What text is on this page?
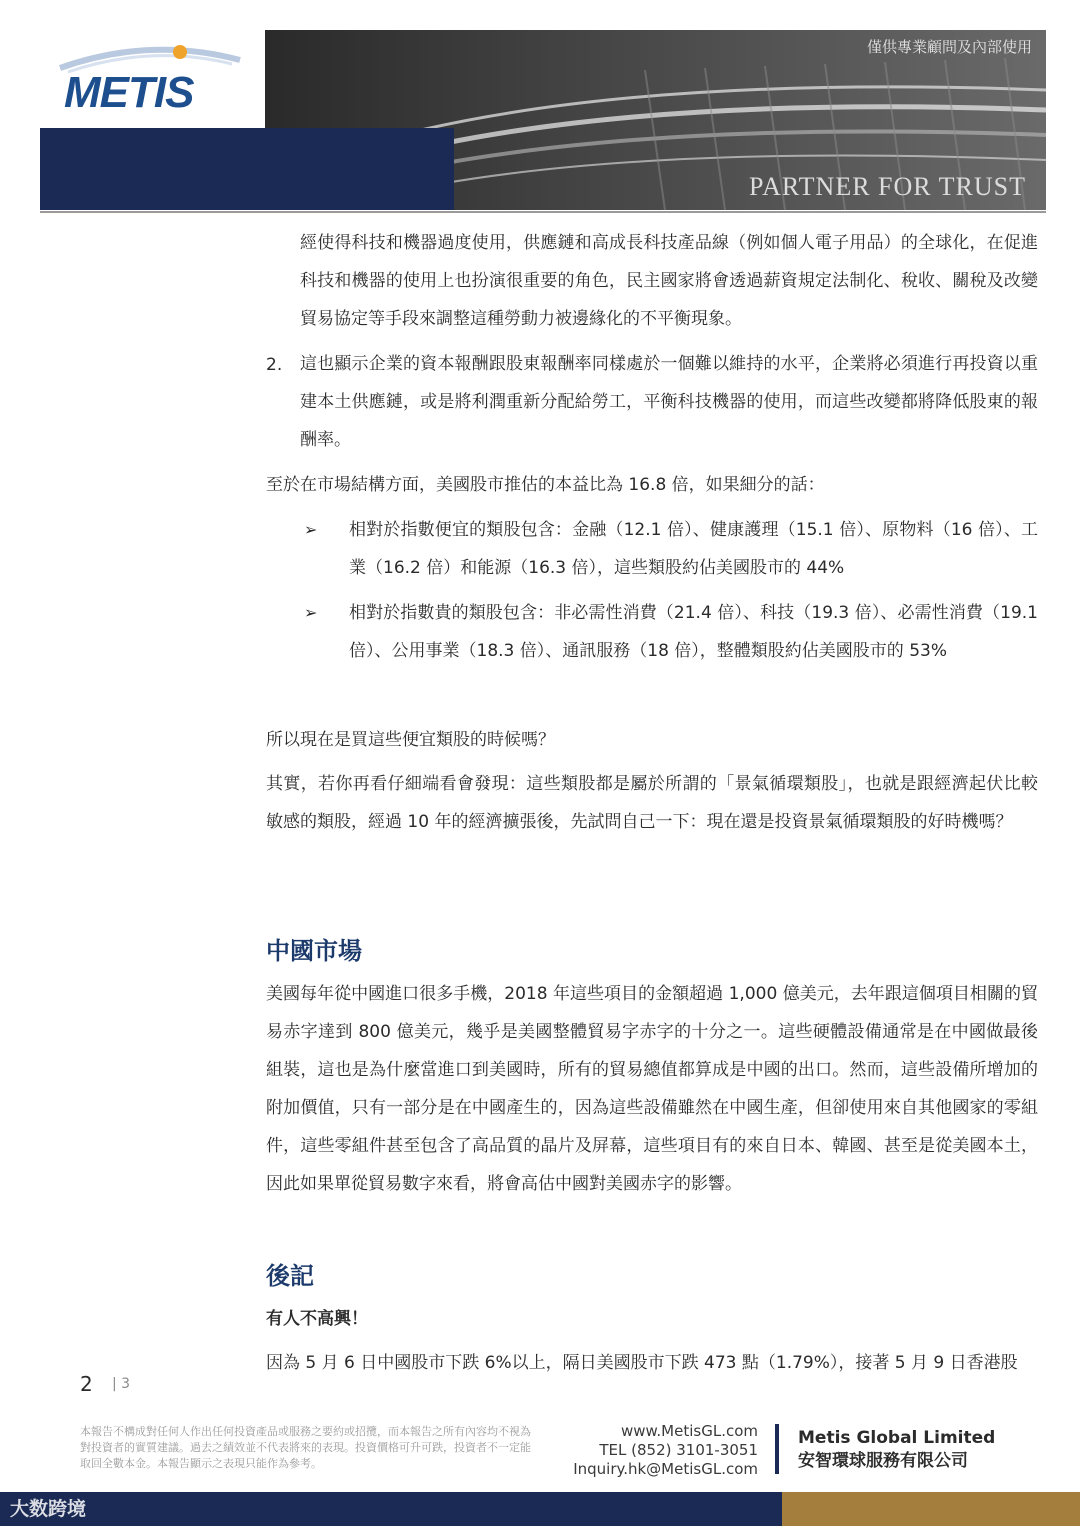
METIS
僅供專業顧問及內部使用
PARTNER FOR TRUST
經使得科技和機器過度使用，供應鏈和高成長科技產品線（例如個人電子用品）的全球化，在促進科技和機器的使用上也扮演很重要的角色，民主國家將會透過薪資規定法制化、稅收、關稅及改變貿易協定等手段來調整這種勞動力被邊緣化的不平衡現象。
2. 這也顯示企業的資本報酬跟股東報酬率同樣處於一個難以維持的水平，企業將必須進行再投資以重建本土供應鏈，或是將利潤重新分配給勞工，平衡科技機器的使用，而這些改變都將降低股東的報酬率。
至於在市場結構方面，美國股市推估的本益比為 16.8 倍，如果細分的話：
➢ 相對於指數便宜的類股包含：金融（12.1 倍）、健康護理（15.1 倍）、原物料（16 倍）、工業（16.2 倍）和能源（16.3 倍），這些類股約佔美國股市的 44%
➢ 相對於指數貴的類股包含：非必需性消費（21.4 倍）、科技（19.3 倍）、必需性消費（19.1 倍）、公用事業（18.3 倍）、通訊服務（18 倍），整體類股約佔美國股市的 53%
所以現在是買這些便宜類股的時候嗎？
其實，若你再看仔細端看會發現：這些類股都是屬於所謂的「景氣循環類股」，也就是跟經濟起伏比較敏感的類股，經過 10 年的經濟擴張後，先試問自己一下：現在還是投資景氣循環類股的好時機嗎？
中國市場
美國每年從中國進口很多手機，2018 年這些項目的金額超過 1,000 億美元，去年跟這個項目相關的貿易赤字達到 800 億美元，幾乎是美國整體貿易字赤字的十分之一。這些硬體設備通常是在中國做最後組裝，這也是為什麼當進口到美國時，所有的貿易總值都算成是中國的出口。然而，這些設備所增加的附加價值，只有一部分是在中國產生的，因為這些設備雖然在中國生產，但卻使用來自其他國家的零組件，這些零組件甚至包含了高品質的晶片及屏幕，這些項目有的來自日本、韓國、甚至是從美國本土，因此如果單從貿易數字來看，將會高估中國對美國赤字的影響。
後記
有人不高興！
因為 5 月 6 日中國股市下跌 6%以上，隔日美國股市下跌 473 點（1.79%），接著 5 月 9 日香港股
2 | 3
本報告不構成對任何人作出任何投資產品或服務之要約或招攬，而本報告之所有內容均不視為對投資者的實質建議。過去之績效並不代表將來的表現。投資價格可升可跌，投資者不一定能取回全數本金。本報告顯示之表現只能作為參考。
www.MetisGL.com
TEL (852) 3101-3051
Inquiry.hk@MetisGL.com
Metis Global Limited
安智環球服務有限公司
大数跨境
